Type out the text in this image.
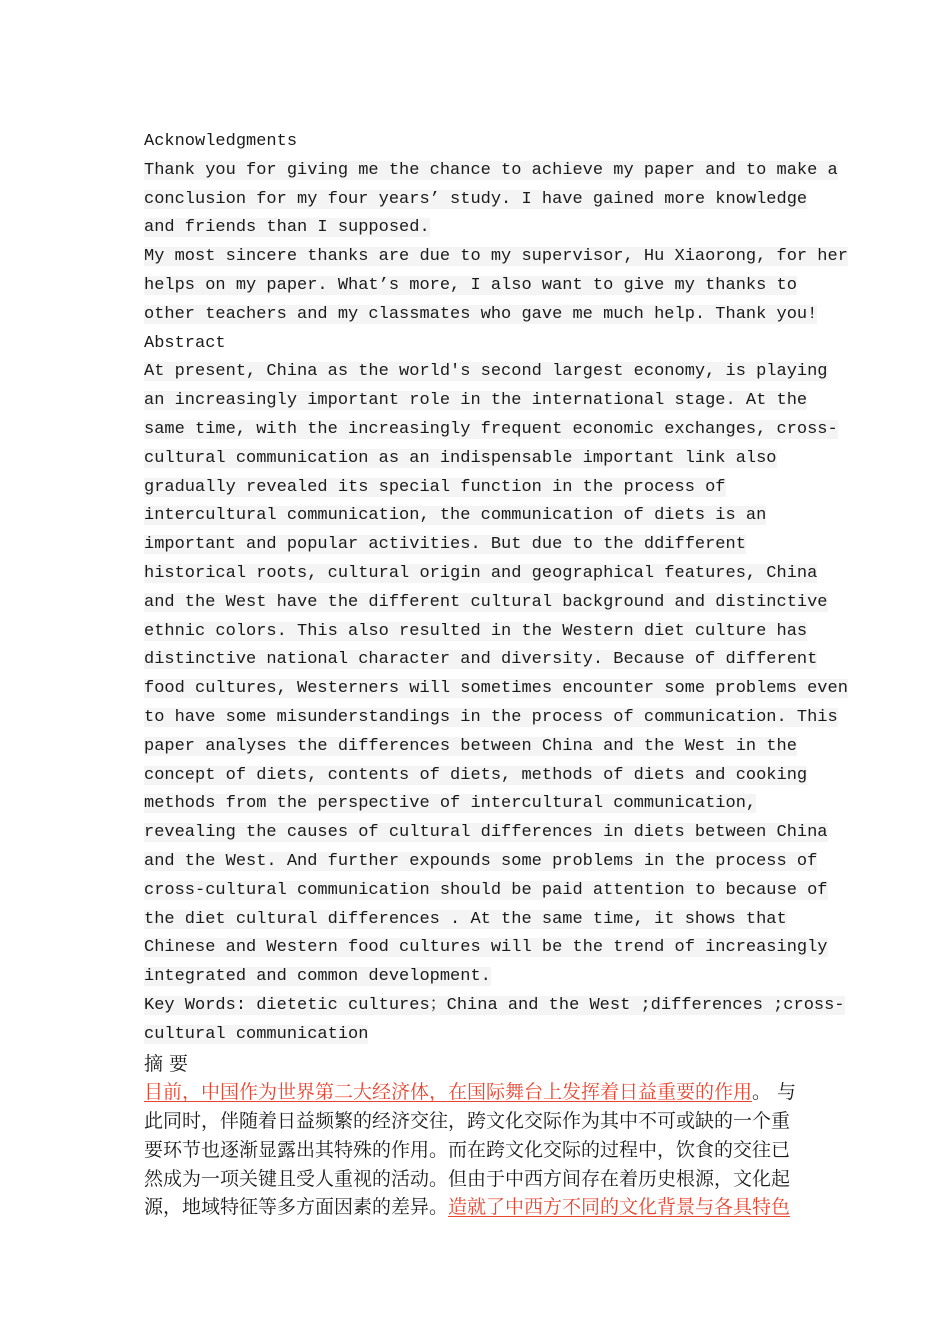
Acknowledgments
Thank you for giving me the chance to achieve my paper and to make a
conclusion for my four years’ study. I have gained more knowledge
and friends than I supposed.
My most sincere thanks are due to my supervisor, Hu Xiaorong, for her
helps on my paper. What’s more, I also want to give my thanks to
other teachers and my classmates who gave me much help. Thank you!
Abstract
At present, China as the world's second largest economy, is playing
an increasingly important role in the international stage. At the
same time, with the increasingly frequent economic exchanges, cross-
cultural communication as an indispensable important link also
gradually revealed its special function in the process of
intercultural communication, the communication of diets is an
important and popular activities. But due to the ddifferent
historical roots, cultural origin and geographical features, China
and the West have the different cultural background and distinctive
ethnic colors. This also resulted in the Western diet culture has
distinctive national character and diversity. Because of different
food cultures, Westerners will sometimes encounter some problems even
to have some misunderstandings in the process of communication. This
paper analyses the differences between China and the West in the
concept of diets, contents of diets, methods of diets and cooking
methods from the perspective of intercultural communication,
revealing the causes of cultural differences in diets between China
and the West. And further expounds some problems in the process of
cross-cultural communication should be paid attention to because of
the diet cultural differences . At the same time, it shows that
Chinese and Western food cultures will be the trend of increasingly
integrated and common development.
Key Words: dietetic cultures；China and the West ;differences ;cross-
cultural communication
摘 要
目前，中国作为世界第二大经济体，在国际舞台上发挥着日益重要的作用。 与
此同时，伴随着日益频繁的经济交往，跨文化交际作为其中不可或缺的一个重
要环节也逐渐显露出其特殊的作用。而在跨文化交际的过程中，饮食的交往已
然成为一项关键且受人重视的活动。但由于中西方间存在着历史根源，文化起
源，地域特征等多方面因素的差异。造就了中西方不同的文化背景与各具特色
